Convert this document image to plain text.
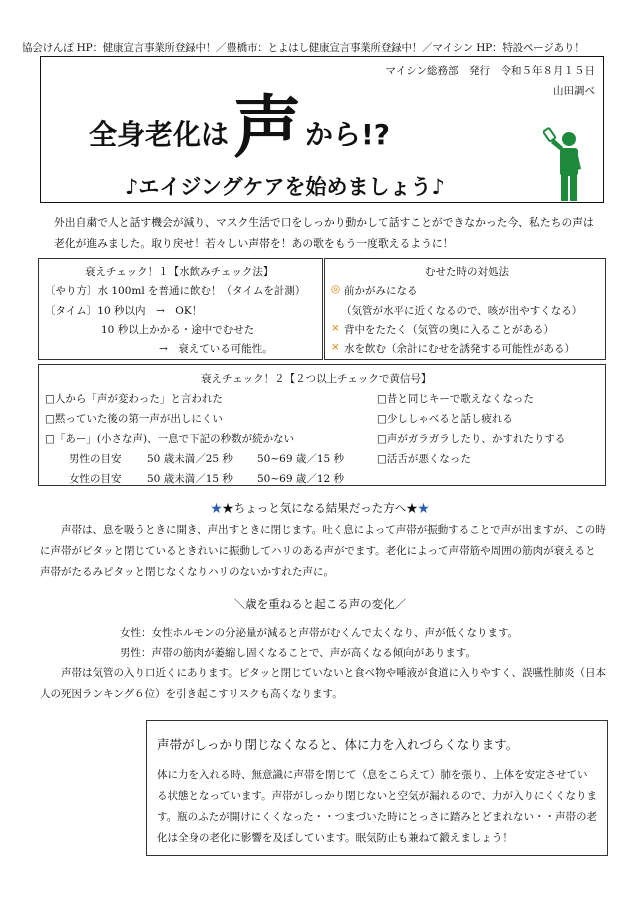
協会けんぽ HP：健康宣言事業所登録中！／豊橋市：とよはし健康宣言事業所登録中！／マイシン HP：特設ページあり！
マイシン総務部　発行　令和５年８月１５日
山田調べ
全身老化は 声 から!?
♪エイジングケアを始めましょう♪
外出自粛で人と話す機会が減り、マスク生活で口をしっかり動かして話すことができなかった今、私たちの声は老化が進みました。取り戻せ！若々しい声帯を！あの歌をもう一度歌えるように！
衰えチェック！１【水飲みチェック法】
〔やり方〕水 100ml を普通に飲む！（タイムを計測）
〔タイム〕10 秒以内　→　OK！
10 秒以上かかる・途中でむせた
→　衰えている可能性。
むせた時の対処法
◎ 前かがみになる
（気管が水平に近くなるので、咳が出やすくなる）
× 背中をたたく（気管の奥に入ることがある）
× 水を飲む（余計にむせを誘発する可能性がある）
衰えチェック！２【２つ以上チェックで黄信号】
□人から「声が変わった」と言われた
□黙っていた後の第一声が出しにくい
□「あー」(小さな声)、一息で下記の秒数が続かない
男性の目安 50 歳未満／25 秒 50~69 歳／15 秒
女性の目安 50 歳未満／15 秒 50~69 歳／12 秒
□昔と同じキーで歌えなくなった
□少ししゃべると話し疲れる
□声がガラガラしたり、かすれたりする
□活舌が悪くなった
★★ちょっと気になる結果だった方へ★★
声帯は、息を吸うときに開き、声出すときに閉じます。吐く息によって声帯が振動することで声が出ますが、この時に声帯がピタッと閉じているときれいに振動してハリのある声がでます。老化によって声帯筋や周囲の筋肉が衰えると声帯がたるみピタッと閉じなくなりハリのないかすれた声に。
＼歳を重ねると起こる声の変化／
女性：女性ホルモンの分泌量が減ると声帯がむくんで太くなり、声が低くなります。
男性：声帯の筋肉が萎縮し固くなることで、声が高くなる傾向があります。
声帯は気管の入り口近くにあります。ピタッと閉じていないと食べ物や唾液が食道に入りやすく、誤嚥性肺炎（日本人の死因ランキング６位）を引き起こすリスクも高くなります。
声帯がしっかり閉じなくなると、体に力を入れづらくなります。
体に力を入れる時、無意識に声帯を閉じて（息をこらえて）肺を張り、上体を安定させている状態となっています。声帯がしっかり閉じないと空気が漏れるので、力が入りにくくなります。瓶のふたが開けにくくなった・・つまづいた時にとっさに踏みとどまれない・・声帯の老化は全身の老化に影響を及ぼしています。眠気防止も兼ねて鍛えましょう！
